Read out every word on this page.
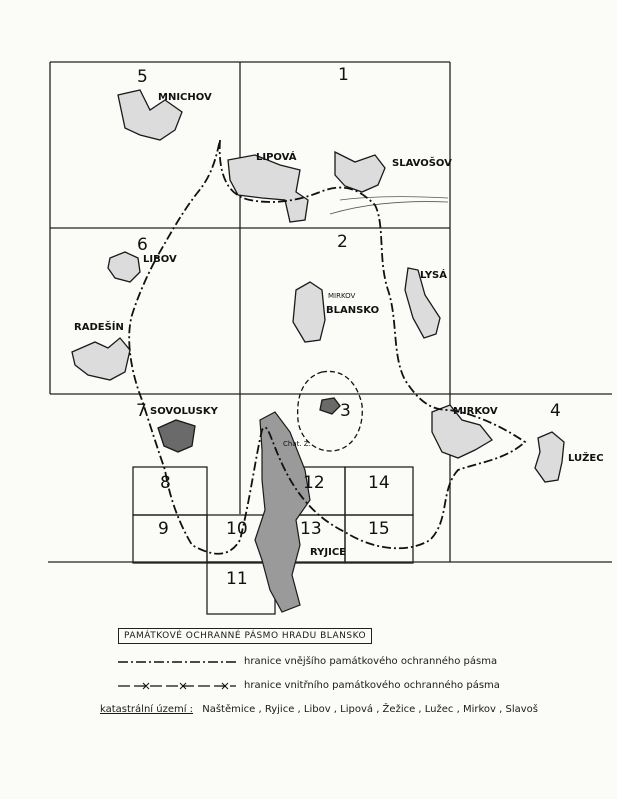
5	1
6	2
7	3	4
8
9	10
11
12	14
13	15
MNICHOV
LIPOVÁ
SLAVOŠOV
LIBOV
LYSÁ
MIRKOV
BLANSKO
RADEŠÍN
SOVOLUSKY	MIRKOV
LUŽEC
Chat. Z.
RYJICE
PAMÁTKOVÉ OCHRANNÉ PÁSMO HRADU BLANSKO
hranice vnějšího památkového ochranného pásma
hranice vnitřního památkového ochranného pásma
katastrální území : Naštěmice , Ryjice , Libov , Lipová , Žežice , Lužec , Mirkov , Slavoš
